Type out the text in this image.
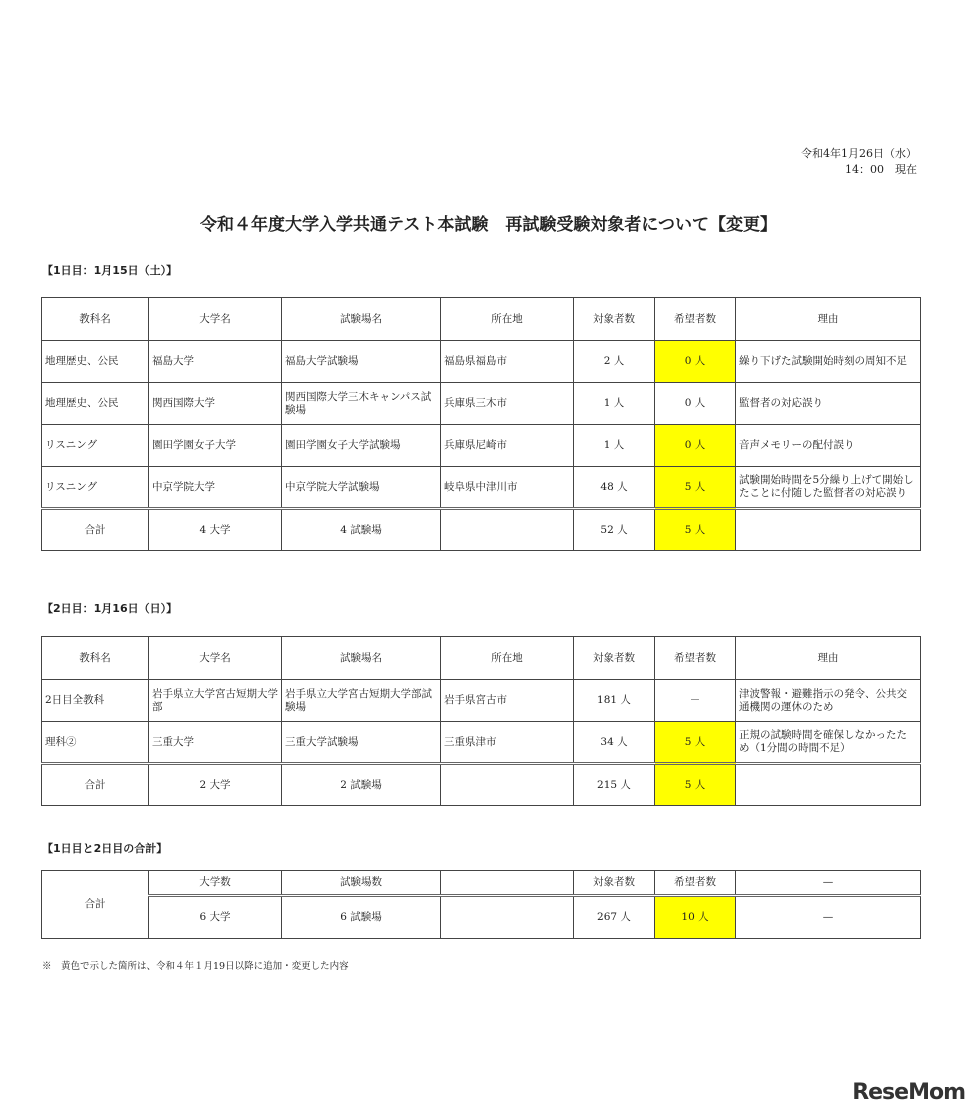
令和4年1月26日（水）
14：00　現在
令和４年度大学入学共通テスト本試験　再試験受験対象者について【変更】
【1日目：1月15日（土）】
教科名	大学名	試験場名	所在地	対象者数	希望者数	理由
地理歴史、公民	福島大学	福島大学試験場	福島県福島市	2 人	0 人	繰り下げた試験開始時刻の周知不足
地理歴史、公民	関西国際大学	関西国際大学三木キャンパス試験場	兵庫県三木市	1 人	0 人	監督者の対応誤り
リスニング	園田学園女子大学	園田学園女子大学試験場	兵庫県尼崎市	1 人	0 人	音声メモリーの配付誤り
リスニング	中京学院大学	中京学院大学試験場	岐阜県中津川市	48 人	5 人	試験開始時間を5分繰り上げて開始したことに付随した監督者の対応誤り
合計	4 大学	4 試験場		52 人	5 人	
【2日目：1月16日（日）】
教科名	大学名	試験場名	所在地	対象者数	希望者数	理由
2日目全教科	岩手県立大学宮古短期大学部	岩手県立大学宮古短期大学部試験場	岩手県宮古市	181 人	－	津波警報・避難指示の発令、公共交通機関の運休のため
理科②	三重大学	三重大学試験場	三重県津市	34 人	5 人	正規の試験時間を確保しなかったため（1分間の時間不足）
合計	2 大学	2 試験場		215 人	5 人	
【1日目と2日目の合計】
合計	大学数	試験場数		対象者数	希望者数	—
	6 大学	6 試験場		267 人	10 人	—
※　黄色で示した箇所は、令和４年１月19日以降に追加・変更した内容
ReseMom
